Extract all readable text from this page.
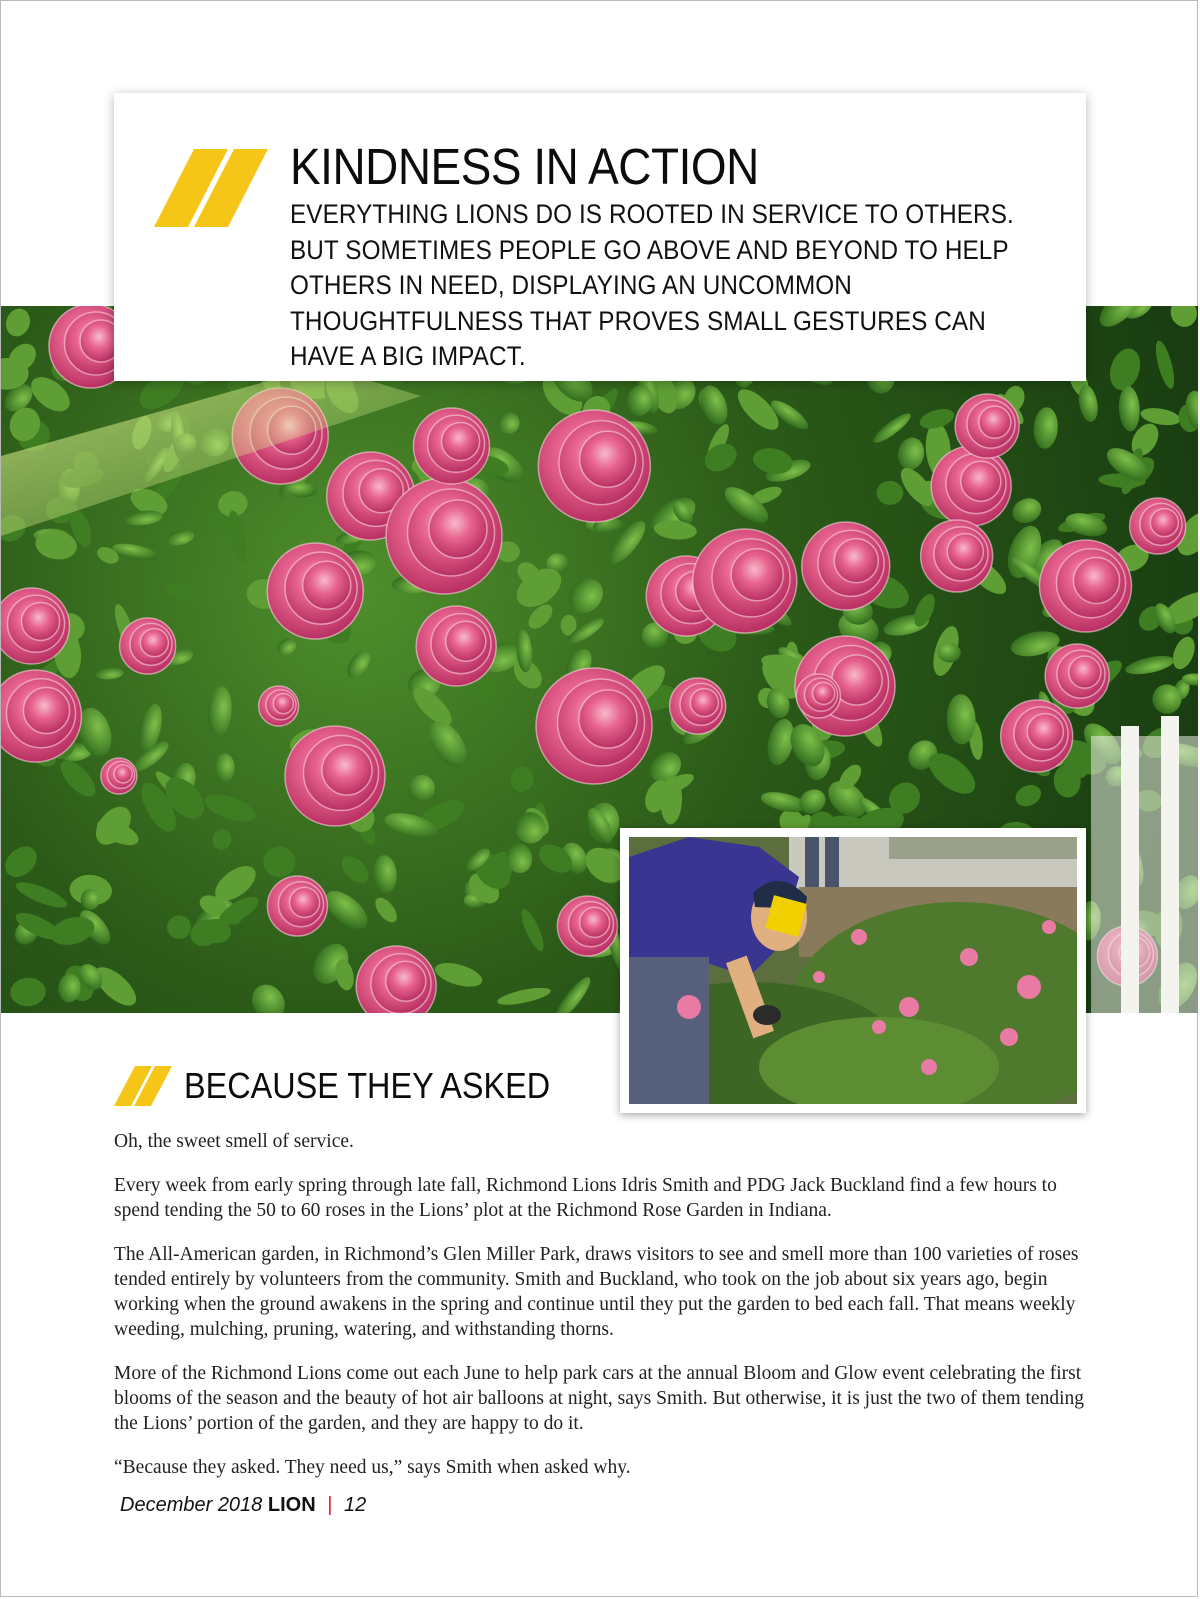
KINDNESS IN ACTION
EVERYTHING LIONS DO IS ROOTED IN SERVICE TO OTHERS. BUT SOMETIMES PEOPLE GO ABOVE AND BEYOND TO HELP OTHERS IN NEED, DISPLAYING AN UNCOMMON THOUGHTFULNESS THAT PROVES SMALL GESTURES CAN HAVE A BIG IMPACT.
BECAUSE THEY ASKED

Oh, the sweet smell of service.

Every week from early spring through late fall, Richmond Lions Idris Smith and PDG Jack Buckland find a few hours to spend tending the 50 to 60 roses in the Lions’ plot at the Richmond Rose Garden in Indiana.

The All-American garden, in Richmond’s Glen Miller Park, draws visitors to see and smell more than 100 varieties of roses tended entirely by volunteers from the community. Smith and Buckland, who took on the job about six years ago, begin working when the ground awakens in the spring and continue until they put the garden to bed each fall. That means weekly weeding, mulching, pruning, watering, and withstanding thorns.

More of the Richmond Lions come out each June to help park cars at the annual Bloom and Glow event celebrating the first blooms of the season and the beauty of hot air balloons at night, says Smith. But otherwise, it is just the two of them tending the Lions’ portion of the garden, and they are happy to do it.

“Because they asked. They need us,” says Smith when asked why.

December 2018 LION | 12
